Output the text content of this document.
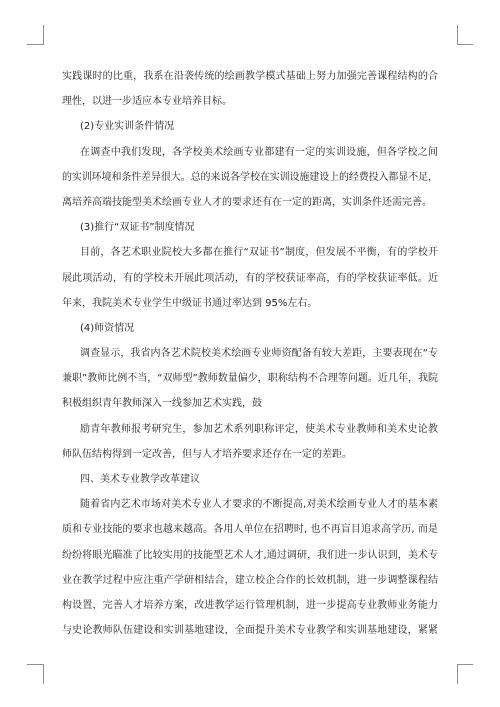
实践课时的比重，我系在沿袭传统的绘画教学模式基础上努力加强完善课程结构的合
理性，以进一步适应本专业培养目标。
(2)专业实训条件情况
在调查中我们发现，各学校美术绘画专业都建有一定的实训设施，但各学校之间
的实训环境和条件差异很大。总的来说各学校在实训设施建设上的经费投入都显不足，
离培养高端技能型美术绘画专业人才的要求还有在一定的距离，实训条件还需完善。
(3)推行“双证书”制度情况
目前，各艺术职业院校大多都在推行“双证书”制度，但发展不平衡，有的学校开
展此项活动，有的学校未开展此项活动，有的学校获证率高，有的学校获证率低。近
年来，我院美术专业学生中级证书通过率达到 95%左右。
(4)师资情况
调查显示，我省内各艺术院校美术绘画专业师资配备有较大差距，主要表现在“专
兼职”教师比例不当，“双师型”教师数量偏少，职称结构不合理等问题。近几年，我院
积极组织青年教师深入一线参加艺术实践，鼓
励青年教师报考研究生，参加艺术系列职称评定，使美术专业教师和美术史论教
师队伍结构得到一定改善，但与人才培养要求还存在一定的差距。
四、美术专业教学改革建议
随着省内艺术市场对美术专业人才要求的不断提高,对美术绘画专业人才的基本素
质和专业技能的要求也越来越高。各用人单位在招聘时, 也不再盲目追求高学历, 而是
纷纷将眼光瞄准了比较实用的技能型艺术人才,通过调研，我们进一步认识到，美术专
业在教学过程中应注重产学研相结合，建立校企合作的长效机制，进一步调整课程结
构设置，完善人才培养方案，改进教学运行管理机制，进一步提高专业教师业务能力
与史论教师队伍建设和实训基地建设，全面提升美术专业教学和实训基地建设，紧紧
